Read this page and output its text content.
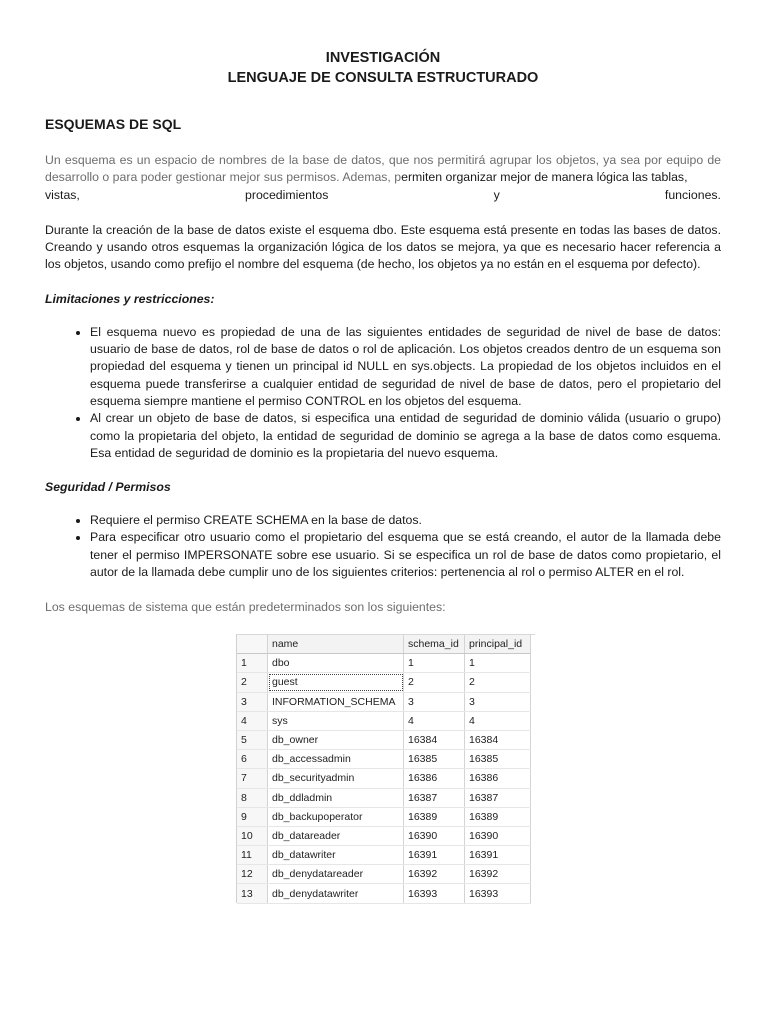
INVESTIGACIÓN
LENGUAJE DE CONSULTA ESTRUCTURADO
ESQUEMAS DE SQL

Un esquema es un espacio de nombres de la base de datos, que nos permitirá agrupar los objetos, ya sea por equipo de desarrollo o para poder gestionar mejor sus permisos. Ademas, permiten organizar mejor de manera lógica las tablas,

vistas,	procedimientos	y	funciones.

Durante la creación de la base de datos existe el esquema dbo. Este esquema está presente en todas las bases de datos. Creando y usando otros esquemas la organización lógica de los datos se mejora, ya que es necesario hacer referencia a los objetos, usando como prefijo el nombre del esquema (de hecho, los objetos ya no están en el esquema por defecto).

Limitaciones y restricciones:
• El esquema nuevo es propiedad de una de las siguientes entidades de seguridad de nivel de base de datos: usuario de base de datos, rol de base de datos o rol de aplicación. Los objetos creados dentro de un esquema son propiedad del esquema y tienen un principal id NULL en sys.objects. La propiedad de los objetos incluidos en el esquema puede transferirse a cualquier entidad de seguridad de nivel de base de datos, pero el propietario del esquema siempre mantiene el permiso CONTROL en los objetos del esquema.
• Al crear un objeto de base de datos, si especifica una entidad de seguridad de dominio válida (usuario o grupo) como la propietaria del objeto, la entidad de seguridad de dominio se agrega a la base de datos como esquema. Esa entidad de seguridad de dominio es la propietaria del nuevo esquema.
Seguridad / Permisos
• Requiere el permiso CREATE SCHEMA en la base de datos.
• Para especificar otro usuario como el propietario del esquema que se está creando, el autor de la llamada debe tener el permiso IMPERSONATE sobre ese usuario. Si se especifica un rol de base de datos como propietario, el autor de la llamada debe cumplir uno de los siguientes criterios: pertenencia al rol o permiso ALTER en el rol.

Los esquemas de sistema que están predeterminados son los siguientes:

	name	schema_id	principal_id
1	dbo	1	1
2	guest	2	2
3	INFORMATION_SCHEMA	3	3
4	sys	4	4
5	db_owner	16384	16384
6	db_accessadmin	16385	16385
7	db_securityadmin	16386	16386
8	db_ddladmin	16387	16387
9	db_backupoperator	16389	16389
10	db_datareader	16390	16390
11	db_datawriter	16391	16391
12	db_denydatareader	16392	16392
13	db_denydatawriter	16393	16393
